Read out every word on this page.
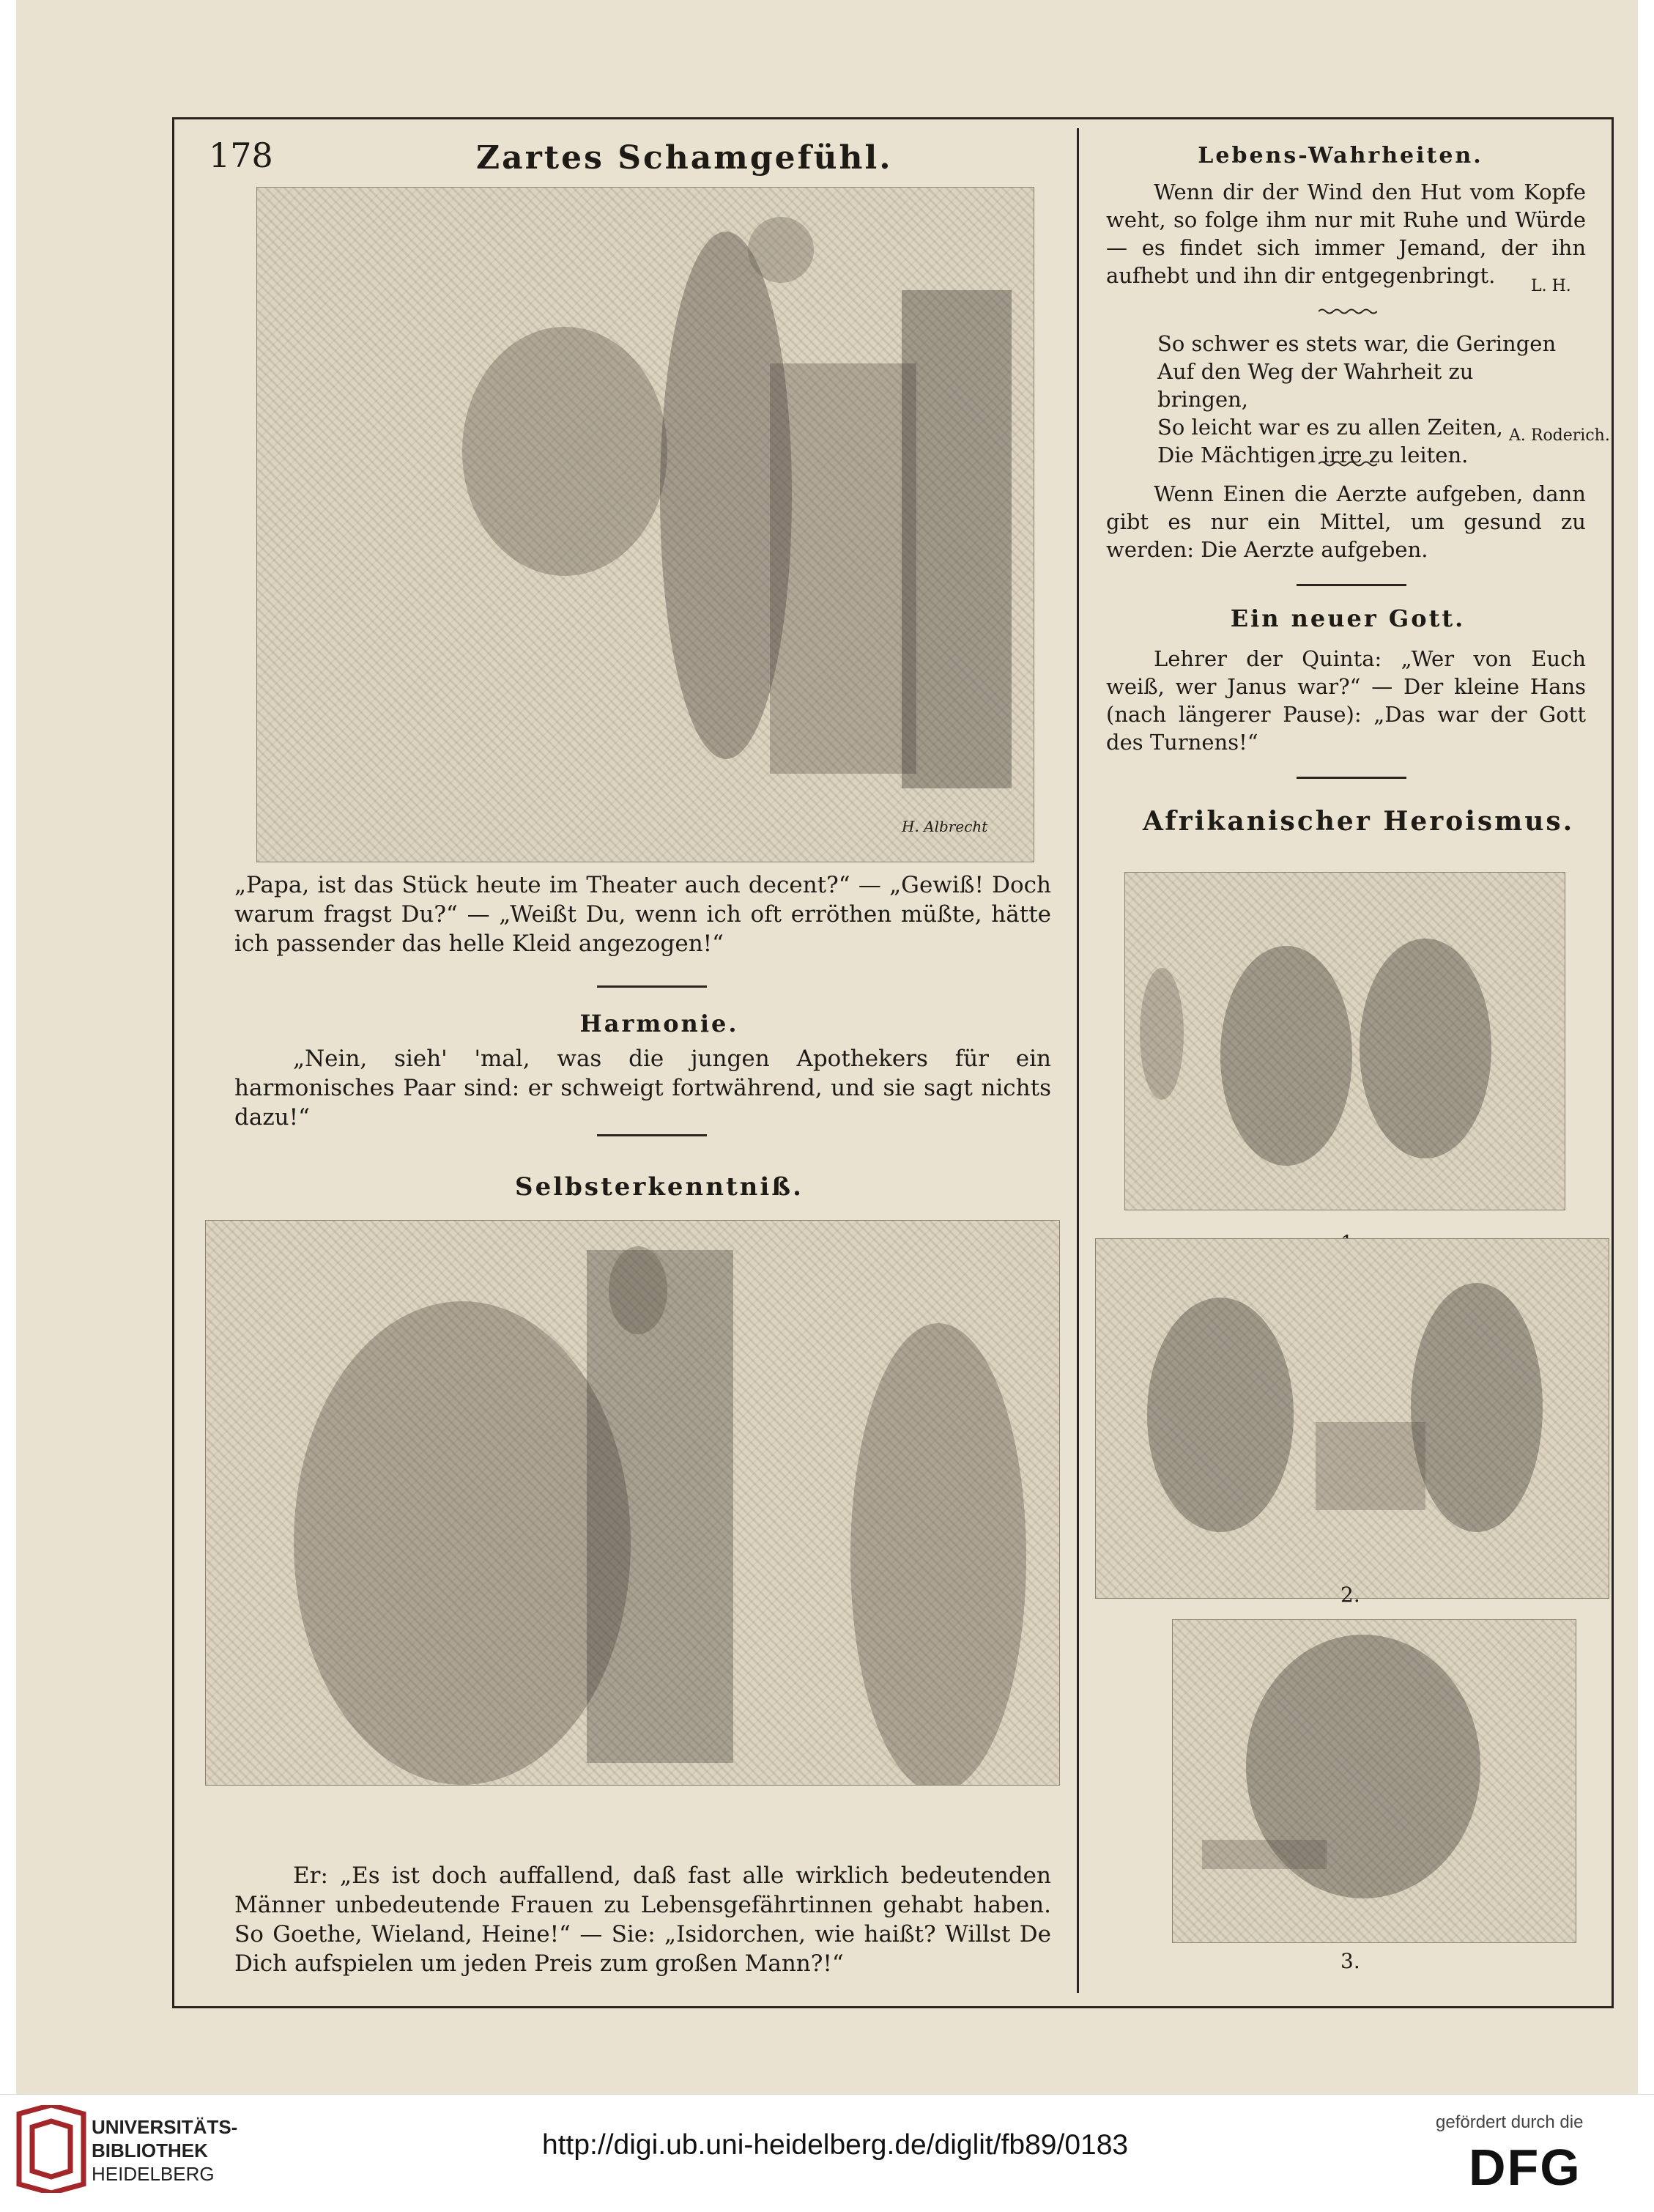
178	Zartes Schamgefühl.
H. Albrecht

„Papa, ist das Stück heute im Theater auch decent?“ — „Gewiß! Doch warum fragst Du?“ — „Weißt Du, wenn ich oft erröthen müßte, hätte ich passender das helle Kleid angezogen!“

Harmonie.

„Nein, sieh' 'mal, was die jungen Apothekers für ein harmonisches Paar sind: er schweigt fortwährend, und sie sagt nichts dazu!“

Selbsterkenntniß.

Er: „Es ist doch auffallend, daß fast alle wirklich bedeutenden Männer unbedeutende Frauen zu Lebensgefährtinnen gehabt haben. So Goethe, Wieland, Heine!“ — Sie: „Isidorchen, wie haißt? Willst De Dich aufspielen um jeden Preis zum großen Mann?!“

Lebens-Wahrheiten.

Wenn dir der Wind den Hut vom Kopfe weht, so folge ihm nur mit Ruhe und Würde — es findet sich immer Jemand, der ihn aufhebt und ihn dir entgegenbringt.	L. H.
So schwer es stets war, die Geringen
Auf den Weg der Wahrheit zu bringen,
So leicht war es zu allen Zeiten,
Die Mächtigen irre zu leiten.
A. Roderich.

Wenn Einen die Aerzte aufgeben, dann gibt es nur ein Mittel, um gesund zu werden: Die Aerzte aufgeben.

Ein neuer Gott.

Lehrer der Quinta: „Wer von Euch weiß, wer Janus war?“ — Der kleine Hans (nach längerer Pause): „Das war der Gott des Turnens!“

Afrikanischer Heroismus.
2.
3.
UNIVERSITÄTS-
BIBLIOTHEK
HEIDELBERG
http://digi.ub.uni-heidelberg.de/diglit/fb89/0183
gefördert durch die
DFG
